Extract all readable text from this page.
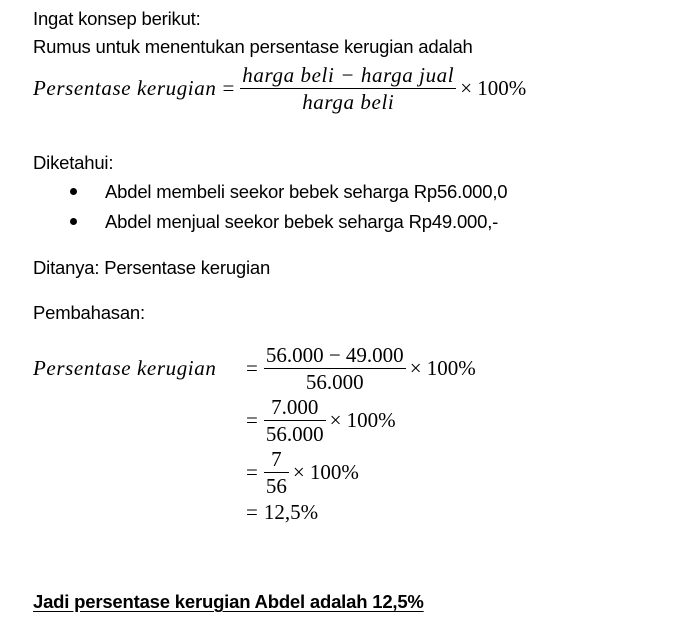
Ingat konsep berikut:
Rumus untuk menentukan persentase kerugian adalah
Persentase kerugian = $\frac{\text{harga beli − harga jual}}{\text{harga beli}} \times 100\%$
Diketahui:
Abdel membeli seekor bebek seharga Rp56.000,0
Abdel menjual seekor bebek seharga Rp49.000,-
Ditanya: Persentase kerugian
Pembahasan:
Persentase kerugian	= $\frac{56.000 - 49.000}{56.000} \times 100\%$
= $\frac{7.000}{56.000} \times 100\%$
= $\frac{7}{56} \times 100\%$
= 12,5%
Jadi persentase kerugian Abdel adalah 12,5%
